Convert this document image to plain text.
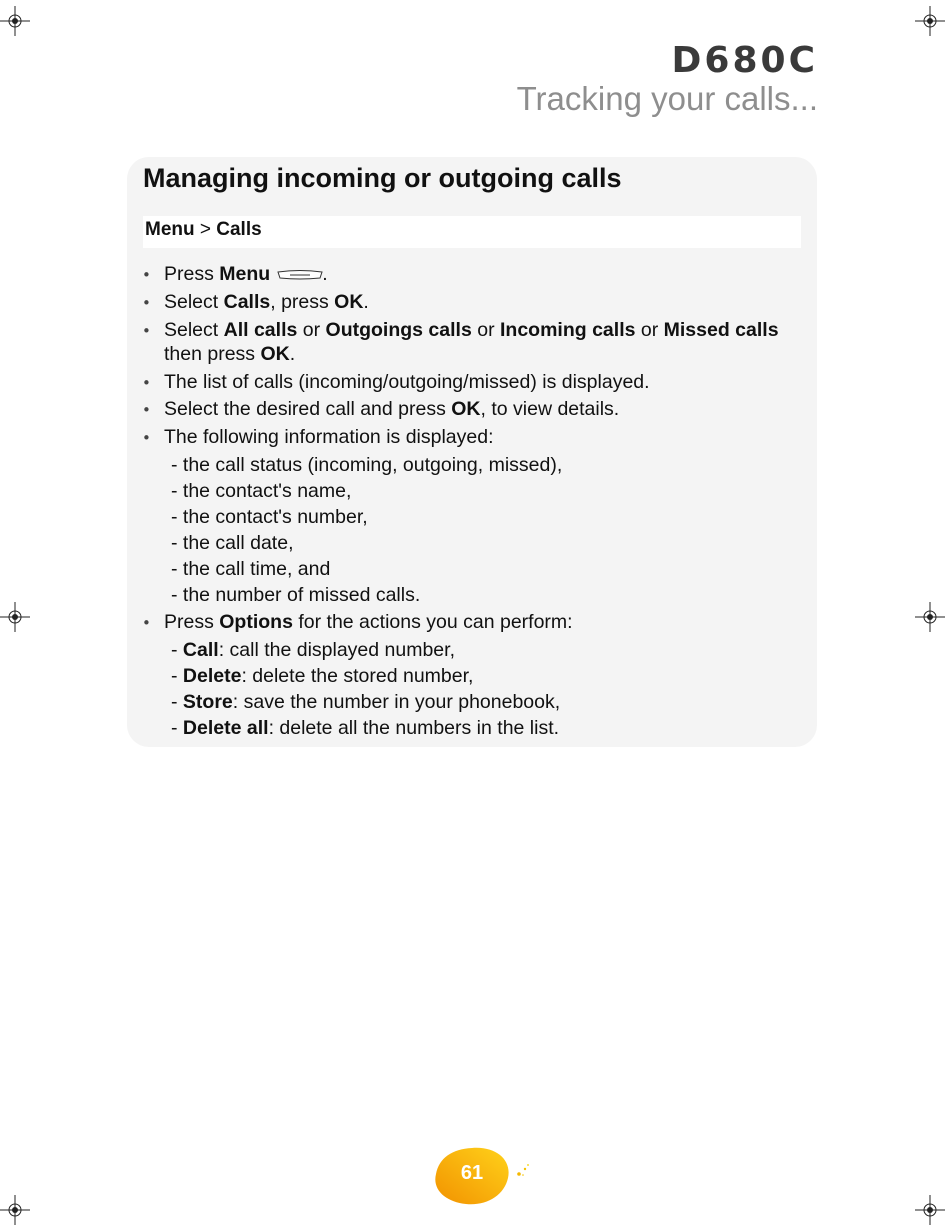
D680C
Tracking your calls...
Managing incoming or outgoing calls
Menu > Calls
• Press Menu	.
• Select Calls, press OK.
• Select All calls or Outgoings calls or Incoming calls or Missed calls
then press OK.
• The list of calls (incoming/outgoing/missed) is displayed.
• Select the desired call and press OK, to view details.
• The following information is displayed:
- the call status (incoming, outgoing, missed),
- the contact's name,
- the contact's number,
- the call date,
- the call time, and
- the number of missed calls.
• Press Options for the actions you can perform:
- Call: call the displayed number,
- Delete: delete the stored number,
- Store: save the number in your phonebook,
- Delete all: delete all the numbers in the list.
61
